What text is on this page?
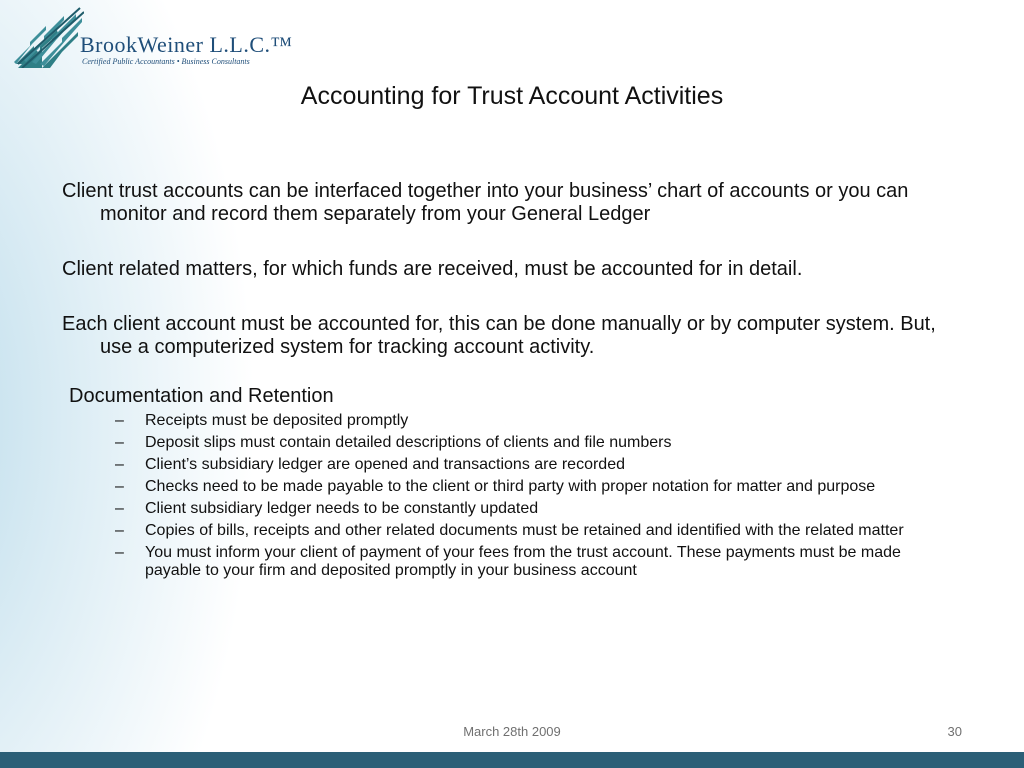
BrookWeiner L.L.C.™
Certified Public Accountants • Business Consultants
Accounting for Trust Account Activities

Client trust accounts can be interfaced together into your business’ chart of accounts or you can monitor and record them separately from your General Ledger

Client related matters, for which funds are received, must be accounted for in detail.

Each client account must be accounted for, this can be done manually or by computer system. But, use a computerized system for tracking account activity.

Documentation and Retention
– Receipts must be deposited promptly
– Deposit slips must contain detailed descriptions of clients and file numbers
– Client’s subsidiary ledger are opened and transactions are recorded
– Checks need to be made payable to the client or third party with proper notation for matter and purpose
– Client subsidiary ledger needs to be constantly updated
– Copies of bills, receipts and other related documents must be retained and identified with the related matter
– You must inform your client of payment of your fees from the trust account. These payments must be made payable to your firm and deposited promptly in your business account
March 28th 2009	30
